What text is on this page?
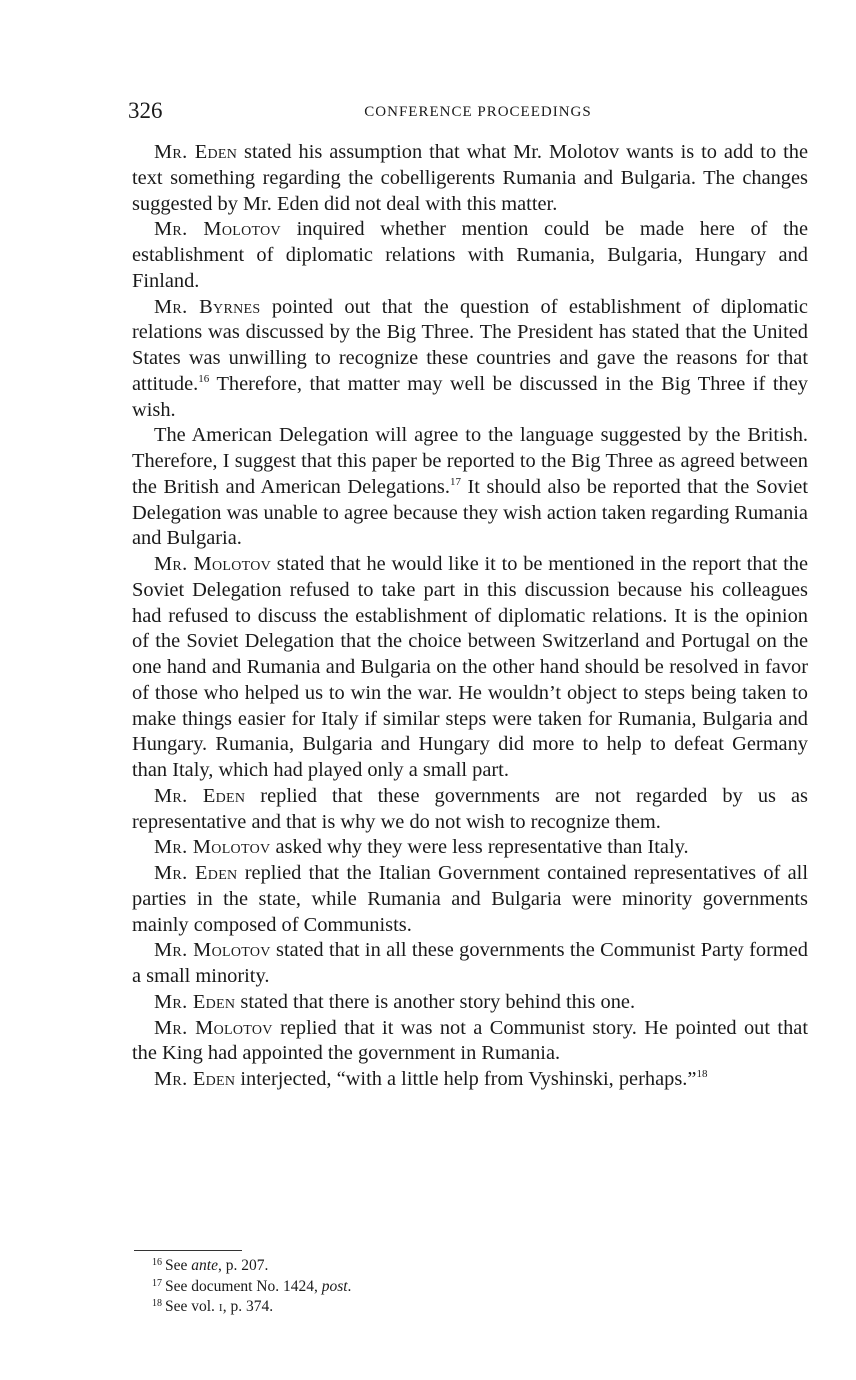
326	CONFERENCE PROCEEDINGS

Mr. Eden stated his assumption that what Mr. Molotov wants is to add to the text something regarding the cobelligerents Rumania and Bulgaria. The changes suggested by Mr. Eden did not deal with this matter.

Mr. Molotov inquired whether mention could be made here of the establishment of diplomatic relations with Rumania, Bulgaria, Hungary and Finland.

Mr. Byrnes pointed out that the question of establishment of diplomatic relations was discussed by the Big Three. The President has stated that the United States was unwilling to recognize these countries and gave the reasons for that attitude.$^{16}$ Therefore, that matter may well be discussed in the Big Three if they wish.

The American Delegation will agree to the language suggested by the British. Therefore, I suggest that this paper be reported to the Big Three as agreed between the British and American Delegations.$^{17}$ It should also be reported that the Soviet Delegation was unable to agree because they wish action taken regarding Rumania and Bulgaria.

Mr. Molotov stated that he would like it to be mentioned in the report that the Soviet Delegation refused to take part in this discussion because his colleagues had refused to discuss the establishment of diplomatic relations. It is the opinion of the Soviet Delegation that the choice between Switzerland and Portugal on the one hand and Rumania and Bulgaria on the other hand should be resolved in favor of those who helped us to win the war. He wouldn’t object to steps being taken to make things easier for Italy if similar steps were taken for Rumania, Bulgaria and Hungary. Rumania, Bulgaria and Hungary did more to help to defeat Germany than Italy, which had played only a small part.

Mr. Eden replied that these governments are not regarded by us as representative and that is why we do not wish to recognize them.

Mr. Molotov asked why they were less representative than Italy.

Mr. Eden replied that the Italian Government contained representatives of all parties in the state, while Rumania and Bulgaria were minority governments mainly composed of Communists.

Mr. Molotov stated that in all these governments the Communist Party formed a small minority.

Mr. Eden stated that there is another story behind this one.

Mr. Molotov replied that it was not a Communist story. He pointed out that the King had appointed the government in Rumania.

Mr. Eden interjected, “with a little help from Vyshinski, perhaps.”$^{18}$

$^{16}$ See ante, p. 207.

$^{17}$ See document No. 1424, post.

$^{18}$ See vol. i, p. 374.
